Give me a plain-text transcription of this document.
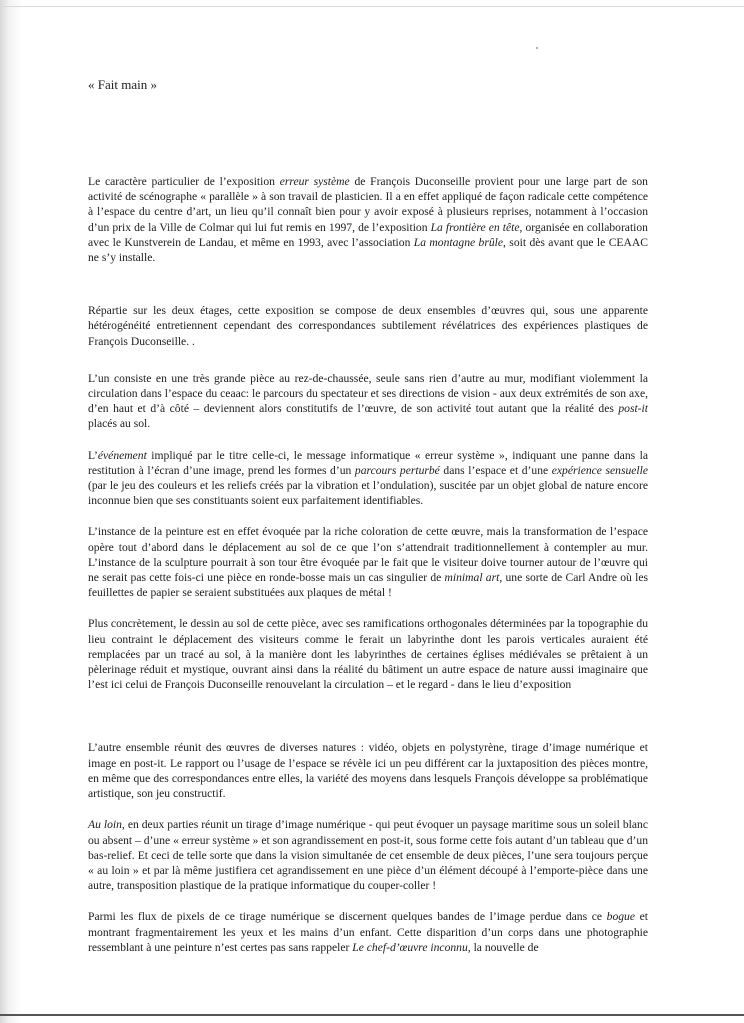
« Fait main »

Le caractère particulier de l’exposition erreur système de François Duconseille provient pour une large part de son activité de scénographe « parallèle » à son travail de plasticien. Il a en effet appliqué de façon radicale cette compétence à l’espace du centre d’art, un lieu qu’il connaît bien pour y avoir exposé à plusieurs reprises, notamment à l’occasion d’un prix de la Ville de Colmar qui lui fut remis en 1997, de l’exposition La frontière en tête, organisée en collaboration avec le Kunstverein de Landau, et même en 1993, avec l’association La montagne brûle, soit dès avant que le CEAAC ne s’y installe.

Répartie sur les deux étages, cette exposition se compose de deux ensembles d’œuvres qui, sous une apparente hétérogénéité entretiennent cependant des correspondances subtilement révélatrices des expériences plastiques de François Duconseille. .

L’un consiste en une très grande pièce au rez-de-chaussée, seule sans rien d’autre au mur, modifiant violemment la circulation dans l’espace du ceaac: le parcours du spectateur et ses directions de vision - aux deux extrémités de son axe, d’en haut et d’à côté – deviennent alors constitutifs de l’œuvre, de son activité tout autant que la réalité des post-it placés au sol.

L’événement impliqué par le titre celle-ci, le message informatique « erreur système », indiquant une panne dans la restitution à l’écran d’une image, prend les formes d’un parcours perturbé dans l’espace et d’une expérience sensuelle (par le jeu des couleurs et les reliefs créés par la vibration et l’ondulation), suscitée par un objet global de nature encore inconnue bien que ses constituants soient eux parfaitement identifiables.

L’instance de la peinture est en effet évoquée par la riche coloration de cette œuvre, mais la transformation de l’espace opère tout d’abord dans le déplacement au sol de ce que l’on s’attendrait traditionnellement à contempler au mur. L’instance de la sculpture pourrait à son tour être évoquée par le fait que le visiteur doive tourner autour de l’œuvre qui ne serait pas cette fois-ci une pièce en ronde-bosse mais un cas singulier de minimal art, une sorte de Carl Andre où les feuillettes de papier se seraient substituées aux plaques de métal !

Plus concrètement, le dessin au sol de cette pièce, avec ses ramifications orthogonales déterminées par la topographie du lieu contraint le déplacement des visiteurs comme le ferait un labyrinthe dont les parois verticales auraient été remplacées par un tracé au sol, à la manière dont les labyrinthes de certaines églises médiévales se prêtaient à un pèlerinage réduit et mystique, ouvrant ainsi dans la réalité du bâtiment un autre espace de nature aussi imaginaire que l’est ici celui de François Duconseille renouvelant la circulation – et le regard - dans le lieu d’exposition

L’autre ensemble réunit des œuvres de diverses natures : vidéo, objets en polystyrène, tirage d’image numérique et image en post-it. Le rapport ou l’usage de l’espace se révèle ici un peu différent car la juxtaposition des pièces montre, en même que des correspondances entre elles, la variété des moyens dans lesquels François développe sa problématique artistique, son jeu constructif.

Au loin, en deux parties réunit un tirage d’image numérique - qui peut évoquer un paysage maritime sous un soleil blanc ou absent – d’une « erreur système » et son agrandissement en post-it, sous forme cette fois autant d’un tableau que d’un bas-relief. Et ceci de telle sorte que dans la vision simultanée de cet ensemble de deux pièces, l’une sera toujours perçue « au loin » et par là même justifiera cet agrandissement en une pièce d’un élément découpé à l’emporte-pièce dans une autre, transposition plastique de la pratique informatique du couper-coller !

Parmi les flux de pixels de ce tirage numérique se discernent quelques bandes de l’image perdue dans ce bogue et montrant fragmentairement les yeux et les mains d’un enfant. Cette disparition d’un corps dans une photographie ressemblant à une peinture n’est certes pas sans rappeler Le chef-d’œuvre inconnu, la nouvelle de
